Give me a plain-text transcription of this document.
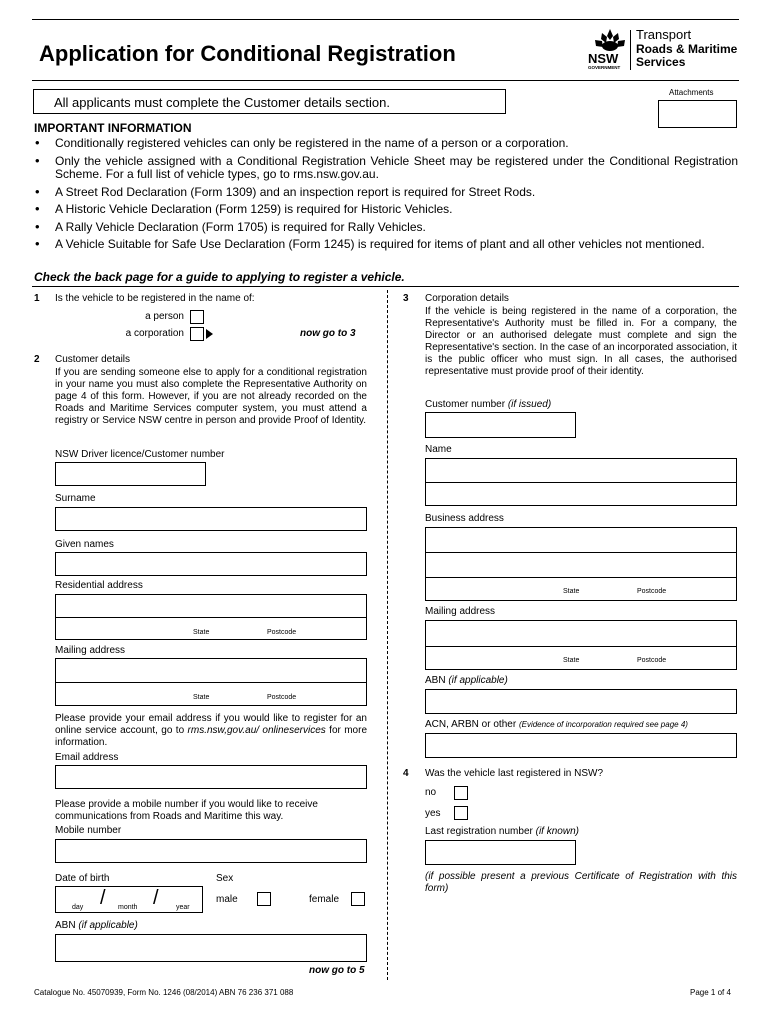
Application for Conditional Registration	NSW
GOVERNMENT
Transport
Roads & Maritime
Services
All applicants must complete the Customer details section.
Attachments
IMPORTANT INFORMATION
• Conditionally registered vehicles can only be registered in the name of a person or a corporation.
• Only the vehicle assigned with a Conditional Registration Vehicle Sheet may be registered under the Conditional Registration Scheme. For a full list of vehicle types, go to rms.nsw.gov.au.
• A Street Rod Declaration (Form 1309) and an inspection report is required for Street Rods.
• A Historic Vehicle Declaration (Form 1259) is required for Historic Vehicles.
• A Rally Vehicle Declaration (Form 1705) is required for Rally Vehicles.
• A Vehicle Suitable for Safe Use Declaration (Form 1245) is required for items of plant and all other vehicles not mentioned.
Check the back page for a guide to applying to register a vehicle.
1 Is the vehicle to be registered in the name of:
a person
a corporation	now go to 3
2 Customer details
If you are sending someone else to apply for a conditional registration in your name you must also complete the Representative Authority on page 4 of this form. However, if you are not already recorded on the Roads and Maritime Services computer system, you must attend a registry or Service NSW centre in person and provide Proof of Identity.
NSW Driver licence/Customer number
Surname
Given names
Residential address
State	Postcode
Mailing address
State	Postcode
Please provide your email address if you would like to register for an online service account, go to rms.nsw,gov.au/ onlineservices for more information.
Email address
Please provide a mobile number if you would like to receive communications from Roads and Maritime this way.
Mobile number
Date of birth
/ /
day	month	year
Sex
male	female
ABN (if applicable)
now go to 5
3 Corporation details
If the vehicle is being registered in the name of a corporation, the Representative's Authority must be filled in. For a company, the Director or an authorised delegate must complete and sign the Representative's section. In the case of an incorporated association, it is the public officer who must sign. In all cases, the authorised representative must provide proof of their identity.
Customer number (if issued)
Name
Business address
State	Postcode
Mailing address
State	Postcode
ABN (if applicable)
ACN, ARBN or other (Evidence of incorporation required see page 4)
4 Was the vehicle last registered in NSW?
no
yes
Last registration number (if known)
(if possible present a previous Certificate of Registration with this form)
Catalogue No. 45070939, Form No. 1246 (08/2014) ABN 76 236 371 088	Page 1 of 4
